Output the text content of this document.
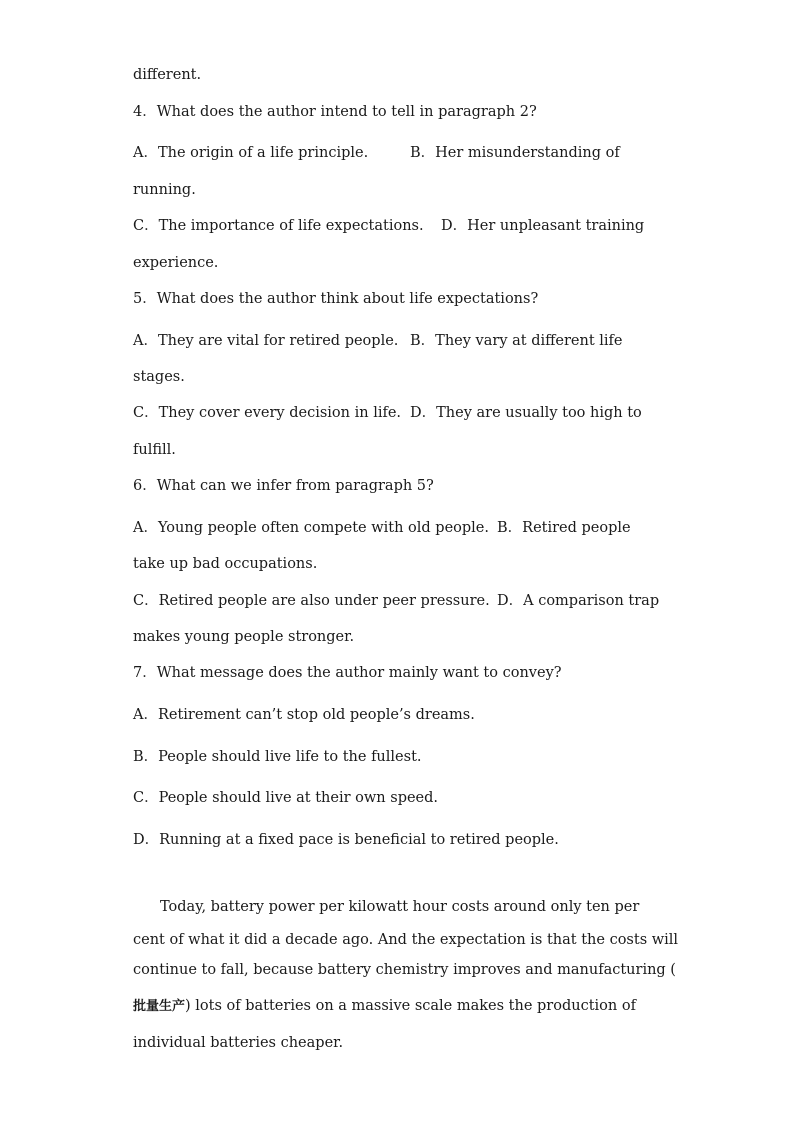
different.
4．What does the author intend to tell in paragraph 2?
A．The origin of a life principle.	B．Her misunderstanding of
running.
C．The importance of life expectations. D．Her unpleasant training
experience.
5．What does the author think about life expectations?
A．They are vital for retired people. B．They vary at different life
stages.
C．They cover every decision in life. D．They are usually too high to
fulfill.
6．What can we infer from paragraph 5?
A．Young people often compete with old people. B．Retired people
take up bad occupations.
C．Retired people are also under peer pressure. D．A comparison trap
makes young people stronger.
7．What message does the author mainly want to convey?
A．Retirement can’t stop old people’s dreams.
B．People should live life to the fullest.
C．People should live at their own speed.
D．Running at a fixed pace is beneficial to retired people.
Today, battery power per kilowatt hour costs around only ten per
cent of what it did a decade ago. And the expectation is that the costs will
continue to fall, because battery chemistry improves and manufacturing (
批量生产) lots of batteries on a massive scale makes the production of
individual batteries cheaper.
